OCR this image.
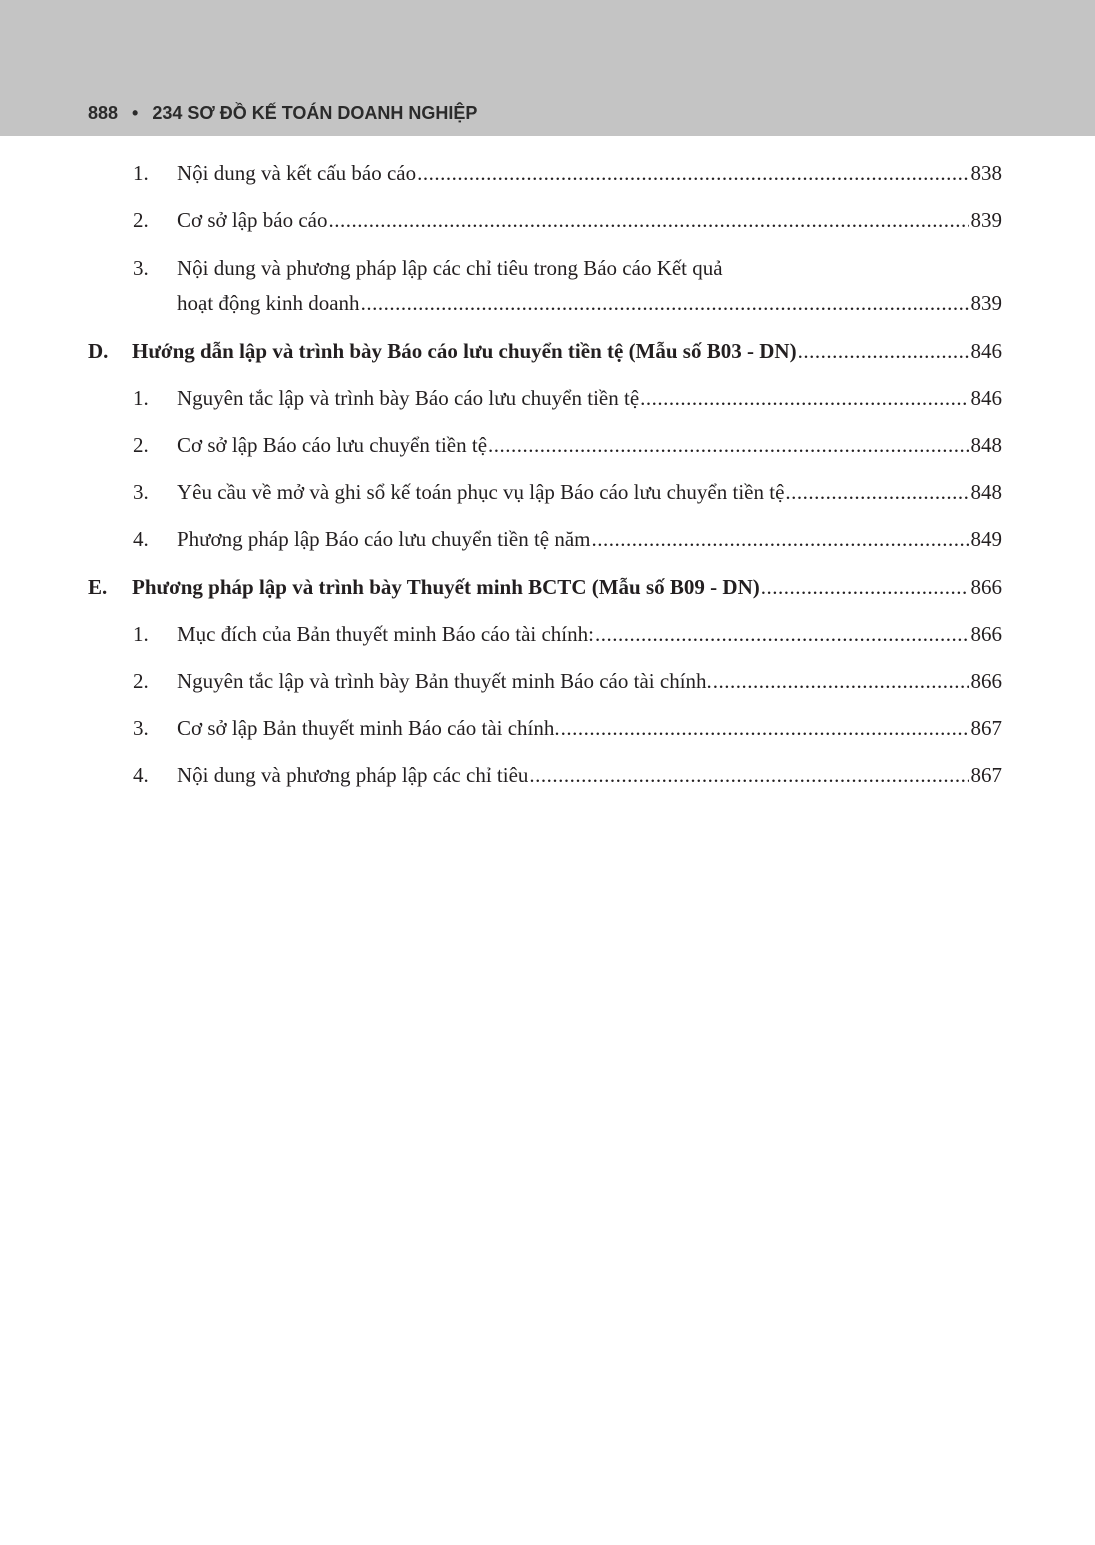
888 • 234 SƠ ĐỒ KẾ TOÁN DOANH NGHIỆP
1. Nội dung và kết cấu báo cáo .....	838
2. Cơ sở lập báo cáo .....	839
3. Nội dung và phương pháp lập các chỉ tiêu trong Báo cáo Kết quả
hoạt động kinh doanh .....	839
D. Hướng dẫn lập và trình bày Báo cáo lưu chuyển tiền tệ (Mẫu số B03 - DN) .....	846
1. Nguyên tắc lập và trình bày Báo cáo lưu chuyển tiền tệ .....	846
2. Cơ sở lập Báo cáo lưu chuyển tiền tệ .....	848
3. Yêu cầu về mở và ghi sổ kế toán phục vụ lập Báo cáo lưu chuyển tiền tệ .....	848
4. Phương pháp lập Báo cáo lưu chuyển tiền tệ năm .....	849
E. Phương pháp lập và trình bày Thuyết minh BCTC (Mẫu số B09 - DN) .....	866
1. Mục đích của Bản thuyết minh Báo cáo tài chính: .....	866
2. Nguyên tắc lập và trình bày Bản thuyết minh Báo cáo tài chính. .....	866
3. Cơ sở lập Bản thuyết minh Báo cáo tài chính. .....	867
4. Nội dung và phương pháp lập các chỉ tiêu .....	867
